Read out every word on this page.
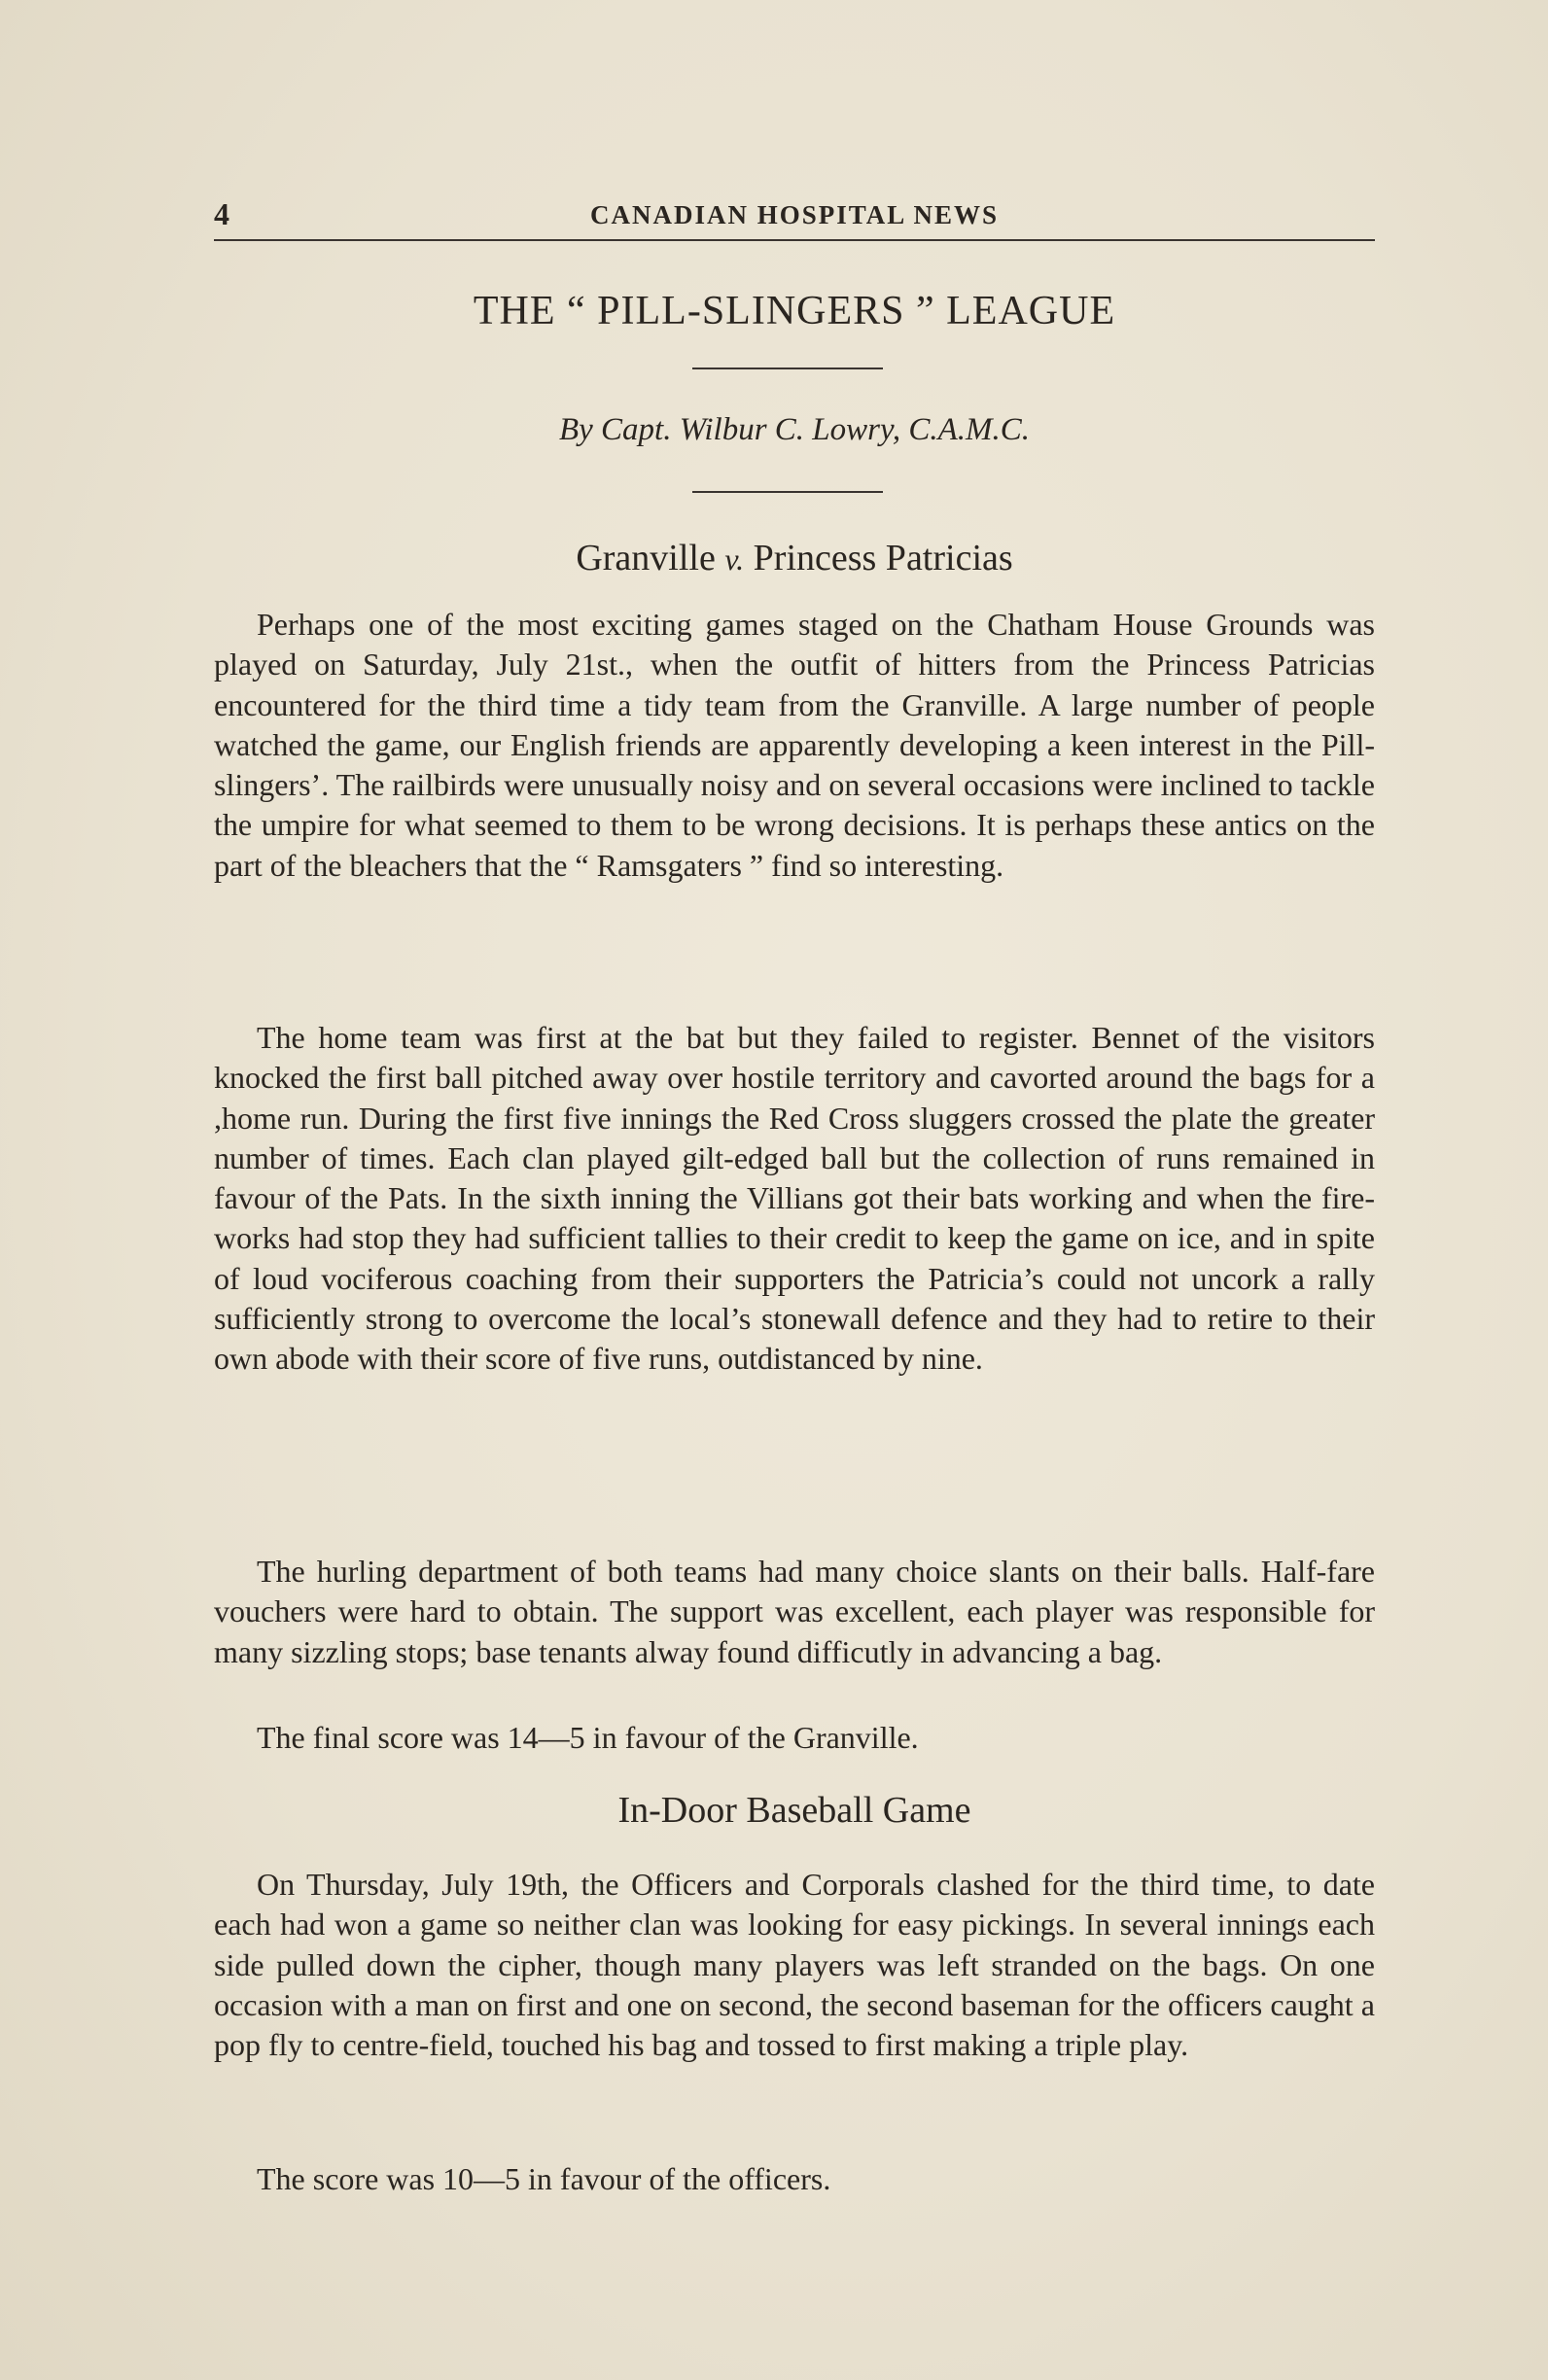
4	CANADIAN HOSPITAL NEWS
THE “ PILL-SLINGERS ” LEAGUE
By Capt. Wilbur C. Lowry, C.A.M.C.
Granville v. Princess Patricias

Perhaps one of the most exciting games staged on the Chatham House Grounds was played on Saturday, July 21st., when the outfit of hitters from the Princess Patricias encountered for the third time a tidy team from the Granville. A large number of people watched the game, our English friends are apparently developing a keen interest in the Pill-slingers’. The railbirds were unusually noisy and on several occasions were inclined to tackle the umpire for what seemed to them to be wrong decisions. It is perhaps these antics on the part of the bleachers that the “ Ramsgaters ” find so interesting.

The home team was first at the bat but they failed to register. Bennet of the visitors knocked the first ball pitched away over hostile territory and cavorted around the bags for a ,home run. During the first five innings the Red Cross sluggers crossed the plate the greater number of times. Each clan played gilt-edged ball but the collection of runs remained in favour of the Pats. In the sixth inning the Villians got their bats working and when the fire-works had stop they had sufficient tallies to their credit to keep the game on ice, and in spite of loud vociferous coaching from their supporters the Patricia’s could not uncork a rally sufficiently strong to overcome the local’s stonewall defence and they had to retire to their own abode with their score of five runs, outdistanced by nine.

The hurling department of both teams had many choice slants on their balls. Half-fare vouchers were hard to obtain. The support was excellent, each player was responsible for many sizzling stops; base tenants alway found difficutly in advancing a bag.

The final score was 14—5 in favour of the Granville.

In-Door Baseball Game

On Thursday, July 19th, the Officers and Corporals clashed for the third time, to date each had won a game so neither clan was looking for easy pickings. In several innings each side pulled down the cipher, though many players was left stranded on the bags. On one occasion with a man on first and one on second, the second baseman for the officers caught a pop fly to centre-field, touched his bag and tossed to first making a triple play.

The score was 10—5 in favour of the officers.
